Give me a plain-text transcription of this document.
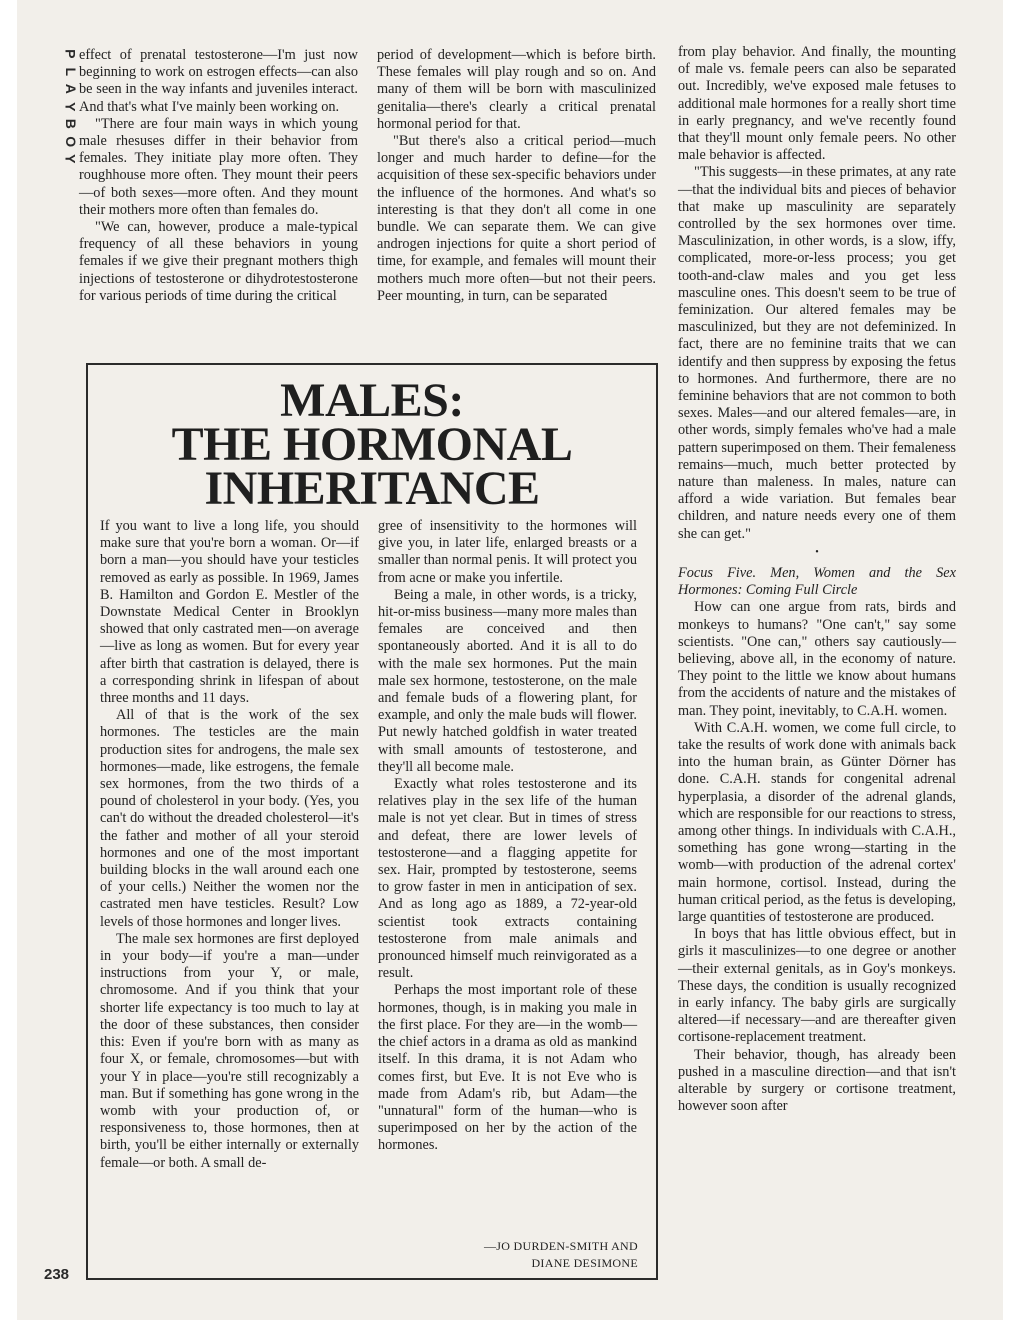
P
L
A
Y
B
O
Y

effect of prenatal testosterone—I'm just now beginning to work on estrogen effects—can also be seen in the way infants and juveniles interact. And that's what I've mainly been working on.

"There are four main ways in which young male rhesuses differ in their behavior from females. They initiate play more often. They roughhouse more often. They mount their peers—of both sexes—more often. And they mount their mothers more often than females do.

"We can, however, produce a male-typical frequency of all these behaviors in young females if we give their pregnant mothers thigh injections of testosterone or dihydrotestosterone for various periods of time during the critical

period of development—which is before birth. These females will play rough and so on. And many of them will be born with masculinized genitalia—there's clearly a critical prenatal hormonal period for that.

"But there's also a critical period—much longer and much harder to define—for the acquisition of these sex-specific behaviors under the influence of the hormones. And what's so interesting is that they don't all come in one bundle. We can separate them. We can give androgen injections for quite a short period of time, for example, and females will mount their mothers much more often—but not their peers. Peer mounting, in turn, can be separated

from play behavior. And finally, the mounting of male vs. female peers can also be separated out. Incredibly, we've exposed male fetuses to additional male hormones for a really short time in early pregnancy, and we've recently found that they'll mount only female peers. No other male behavior is affected.

"This suggests—in these primates, at any rate—that the individual bits and pieces of behavior that make up masculinity are separately controlled by the sex hormones over time. Masculinization, in other words, is a slow, iffy, complicated, more-or-less process; you get tooth-and-claw males and you get less masculine ones. This doesn't seem to be true of feminization. Our altered females may be masculinized, but they are not defeminized. In fact, there are no feminine traits that we can identify and then suppress by exposing the fetus to hormones. And furthermore, there are no feminine behaviors that are not common to both sexes. Males—and our altered females—are, in other words, simply females who've had a male pattern superimposed on them. Their femaleness remains—much, much better protected by nature than maleness. In males, nature can afford a wide variation. But females bear children, and nature needs every one of them she can get."

•

Focus Five. Men, Women and the Sex Hormones: Coming Full Circle

How can one argue from rats, birds and monkeys to humans? "One can't," say some scientists. "One can," others say cautiously—believing, above all, in the economy of nature. They point to the little we know about humans from the accidents of nature and the mistakes of man. They point, inevitably, to C.A.H. women.

With C.A.H. women, we come full circle, to take the results of work done with animals back into the human brain, as Günter Dörner has done. C.A.H. stands for congenital adrenal hyperplasia, a disorder of the adrenal glands, which are responsible for our reactions to stress, among other things. In individuals with C.A.H., something has gone wrong—starting in the womb—with production of the adrenal cortex' main hormone, cortisol. Instead, during the human critical period, as the fetus is developing, large quantities of testosterone are produced.

In boys that has little obvious effect, but in girls it masculinizes—to one degree or another—their external genitals, as in Goy's monkeys. These days, the condition is usually recognized in early infancy. The baby girls are surgically altered—if necessary—and are thereafter given cortisone-replacement treatment.

Their behavior, though, has already been pushed in a masculine direction—and that isn't alterable by surgery or cortisone treatment, however soon after

MALES:
THE HORMONAL
INHERITANCE

If you want to live a long life, you should make sure that you're born a woman. Or—if born a man—you should have your testicles removed as early as possible. In 1969, James B. Hamilton and Gordon E. Mestler of the Downstate Medical Center in Brooklyn showed that only castrated men—on average—live as long as women. But for every year after birth that castration is delayed, there is a corresponding shrink in lifespan of about three months and 11 days.

All of that is the work of the sex hormones. The testicles are the main production sites for androgens, the male sex hormones—made, like estrogens, the female sex hormones, from the two thirds of a pound of cholesterol in your body. (Yes, you can't do without the dreaded cholesterol—it's the father and mother of all your steroid hormones and one of the most important building blocks in the wall around each one of your cells.) Neither the women nor the castrated men have testicles. Result? Low levels of those hormones and longer lives.

The male sex hormones are first deployed in your body—if you're a man—under instructions from your Y, or male, chromosome. And if you think that your shorter life expectancy is too much to lay at the door of these substances, then consider this: Even if you're born with as many as four X, or female, chromosomes—but with your Y in place—you're still recognizably a man. But if something has gone wrong in the womb with your production of, or responsiveness to, those hormones, then at birth, you'll be either internally or externally female—or both. A small de-

gree of insensitivity to the hormones will give you, in later life, enlarged breasts or a smaller than normal penis. It will protect you from acne or make you infertile.

Being a male, in other words, is a tricky, hit-or-miss business—many more males than females are conceived and then spontaneously aborted. And it is all to do with the male sex hormones. Put the main male sex hormone, testosterone, on the male and female buds of a flowering plant, for example, and only the male buds will flower. Put newly hatched goldfish in water treated with small amounts of testosterone, and they'll all become male.

Exactly what roles testosterone and its relatives play in the sex life of the human male is not yet clear. But in times of stress and defeat, there are lower levels of testosterone—and a flagging appetite for sex. Hair, prompted by testosterone, seems to grow faster in men in anticipation of sex. And as long ago as 1889, a 72-year-old scientist took extracts containing testosterone from male animals and pronounced himself much reinvigorated as a result.

Perhaps the most important role of these hormones, though, is in making you male in the first place. For they are—in the womb—the chief actors in a drama as old as mankind itself. In this drama, it is not Adam who comes first, but Eve. It is not Eve who is made from Adam's rib, but Adam—the "unnatural" form of the human—who is superimposed on her by the action of the hormones.

—JO DURDEN-SMITH AND
DIANE DESIMONE
238
